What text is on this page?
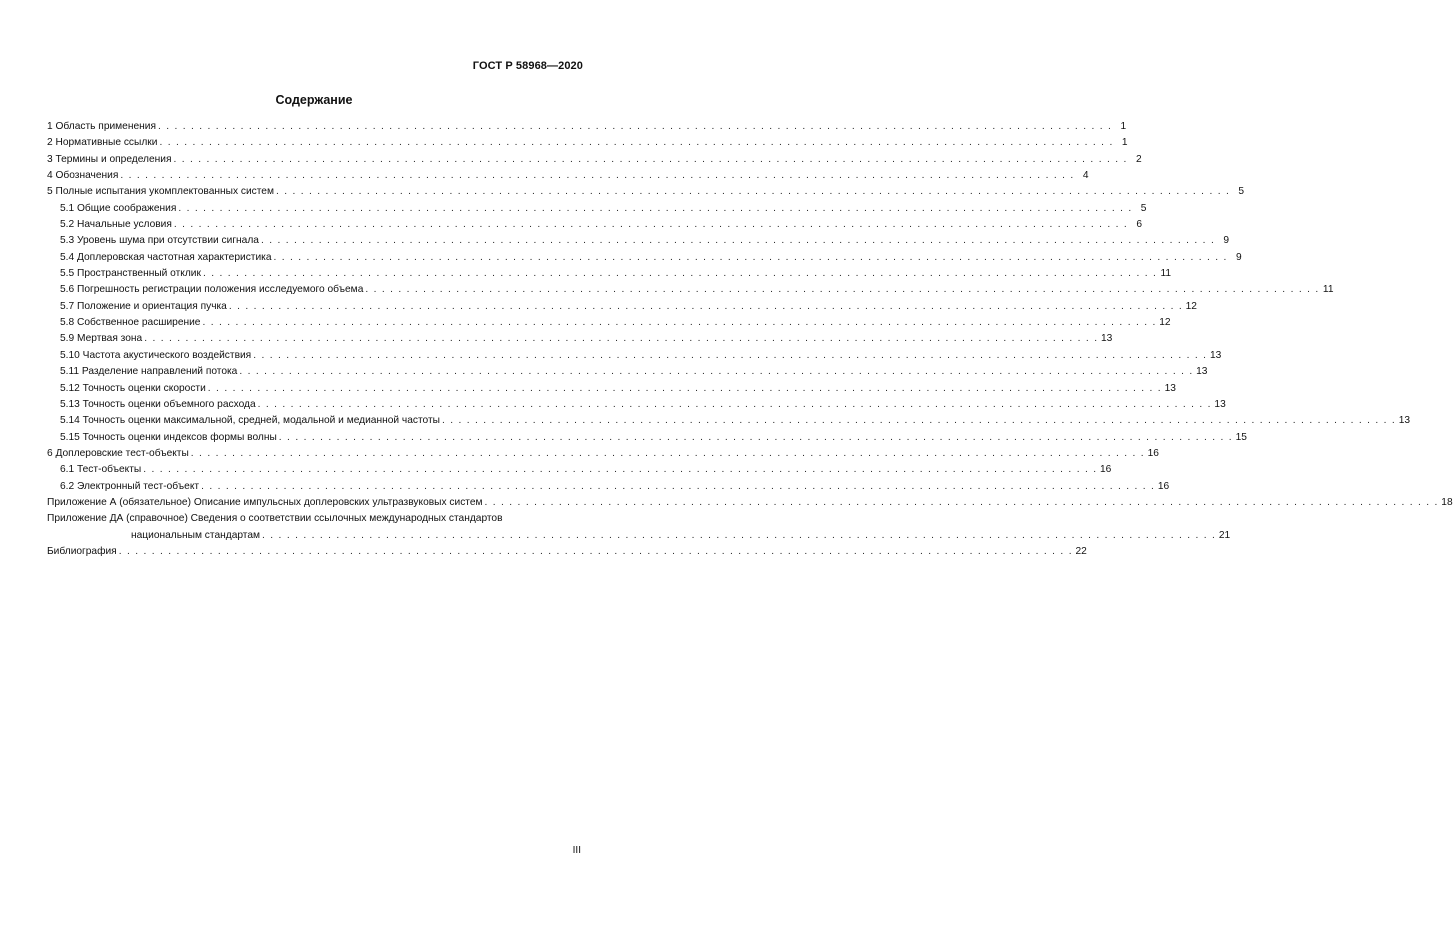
ГОСТ Р 58968—2020
Содержание
1 Область применения . . . . . . . . . . . . . . . . . . . . . . . . . . . . . . . . . . . . . . . . . . . . . . . . . . . . . . . . . . . . . . . . . . . . . . . . . . . . . . . . . . . . . . . . . . . . . . . . . . . . . . . . . . . . . . . . . . . . 1
2 Нормативные ссылки . . . . . . . . . . . . . . . . . . . . . . . . . . . . . . . . . . . . . . . . . . . . . . . . . . . . . . . . . . . . . . . . . . . . . . . . . . . . . . . . . . . . . . . . . . . . . . . . . . . . . . . . . . . . . . . . . . . . 1
3 Термины и определения . . . . . . . . . . . . . . . . . . . . . . . . . . . . . . . . . . . . . . . . . . . . . . . . . . . . . . . . . . . . . . . . . . . . . . . . . . . . . . . . . . . . . . . . . . . . . . . . . . . . . . . . . . . . . . . . . . . . 2
4 Обозначения . . . . . . . . . . . . . . . . . . . . . . . . . . . . . . . . . . . . . . . . . . . . . . . . . . . . . . . . . . . . . . . . . . . . . . . . . . . . . . . . . . . . . . . . . . . . . . . . . . . . . . . . . . . . . . . . . . . . 4
5 Полные испытания укомплектованных систем . . . . . . . . . . . . . . . . . . . . . . . . . . . . . . . . . . . . . . . . . . . . . . . . . . . . . . . . . . . . . . . . . . . . . . . . . . . . . . . . . . . . . . . . . . . . . . . . . . . . . . . . . . . . . . . . . . . . 5
5.1 Общие соображения . . . . . . . . . . . . . . . . . . . . . . . . . . . . . . . . . . . . . . . . . . . . . . . . . . . . . . . . . . . . . . . . . . . . . . . . . . . . . . . . . . . . . . . . . . . . . . . . . . . . . . . . . . . . . . . . . . . . 5
5.2 Начальные условия . . . . . . . . . . . . . . . . . . . . . . . . . . . . . . . . . . . . . . . . . . . . . . . . . . . . . . . . . . . . . . . . . . . . . . . . . . . . . . . . . . . . . . . . . . . . . . . . . . . . . . . . . . . . . . . . . . . . 6
5.3 Уровень шума при отсутствии сигнала . . . . . . . . . . . . . . . . . . . . . . . . . . . . . . . . . . . . . . . . . . . . . . . . . . . . . . . . . . . . . . . . . . . . . . . . . . . . . . . . . . . . . . . . . . . . . . . . . . . . . . . . . . . . . . . . . . . . 9
5.4 Доплеровская частотная характеристика . . . . . . . . . . . . . . . . . . . . . . . . . . . . . . . . . . . . . . . . . . . . . . . . . . . . . . . . . . . . . . . . . . . . . . . . . . . . . . . . . . . . . . . . . . . . . . . . . . . . . . . . . . . . . . . . . . . . 9
5.5 Пространственный отклик . . . . . . . . . . . . . . . . . . . . . . . . . . . . . . . . . . . . . . . . . . . . . . . . . . . . . . . . . . . . . . . . . . . . . . . . . . . . . . . . . . . . . . . . . . . . . . . . . . . . . . . . . . . . . . . . . . . . 11
5.6 Погрешность регистрации положения исследуемого объема . . . . . . . . . . . . . . . . . . . . . . . . . . . . . . . . . . . . . . . . . . . . . . . . . . . . . . . . . . . . . . . . . . . . . . . . . . . . . . . . . . . . . . . . . . . . . . . . . . . . . . . . . . . . . . . . . . . . 11
5.7 Положение и ориентация пучка . . . . . . . . . . . . . . . . . . . . . . . . . . . . . . . . . . . . . . . . . . . . . . . . . . . . . . . . . . . . . . . . . . . . . . . . . . . . . . . . . . . . . . . . . . . . . . . . . . . . . . . . . . . . . . . . . . . . 12
5.8 Собственное расширение . . . . . . . . . . . . . . . . . . . . . . . . . . . . . . . . . . . . . . . . . . . . . . . . . . . . . . . . . . . . . . . . . . . . . . . . . . . . . . . . . . . . . . . . . . . . . . . . . . . . . . . . . . . . . . . . . . . . 12
5.9 Мертвая зона . . . . . . . . . . . . . . . . . . . . . . . . . . . . . . . . . . . . . . . . . . . . . . . . . . . . . . . . . . . . . . . . . . . . . . . . . . . . . . . . . . . . . . . . . . . . . . . . . . . . . . . . . . . . . . . . . . . . 13
5.10 Частота акустического воздействия . . . . . . . . . . . . . . . . . . . . . . . . . . . . . . . . . . . . . . . . . . . . . . . . . . . . . . . . . . . . . . . . . . . . . . . . . . . . . . . . . . . . . . . . . . . . . . . . . . . . . . . . . . . . . . . . . . . . 13
5.11 Разделение направлений потока . . . . . . . . . . . . . . . . . . . . . . . . . . . . . . . . . . . . . . . . . . . . . . . . . . . . . . . . . . . . . . . . . . . . . . . . . . . . . . . . . . . . . . . . . . . . . . . . . . . . . . . . . . . . . . . . . . . . 13
5.12 Точность оценки скорости . . . . . . . . . . . . . . . . . . . . . . . . . . . . . . . . . . . . . . . . . . . . . . . . . . . . . . . . . . . . . . . . . . . . . . . . . . . . . . . . . . . . . . . . . . . . . . . . . . . . . . . . . . . . . . . . . . . . 13
5.13 Точность оценки объемного расхода . . . . . . . . . . . . . . . . . . . . . . . . . . . . . . . . . . . . . . . . . . . . . . . . . . . . . . . . . . . . . . . . . . . . . . . . . . . . . . . . . . . . . . . . . . . . . . . . . . . . . . . . . . . . . . . . . . . . 13
5.14 Точность оценки максимальной, средней, модальной и медианной частоты . . . . . . . . . . . . . . . . . . . . . . . . . . . . . . . . . . . . . . . . . . . . . . . . . . . . . . . . . . . . . . . . . . . . . . . . . . . . . . . . . . . . . . . . . . . . . . . . . . . . . . . . . . . . . . . . . . . . 13
5.15 Точность оценки индексов формы волны . . . . . . . . . . . . . . . . . . . . . . . . . . . . . . . . . . . . . . . . . . . . . . . . . . . . . . . . . . . . . . . . . . . . . . . . . . . . . . . . . . . . . . . . . . . . . . . . . . . . . . . . . . . . . . . . . . . . 15
6 Доплеровские тест-объекты . . . . . . . . . . . . . . . . . . . . . . . . . . . . . . . . . . . . . . . . . . . . . . . . . . . . . . . . . . . . . . . . . . . . . . . . . . . . . . . . . . . . . . . . . . . . . . . . . . . . . . . . . . . . . . . . . . . . 16
6.1 Тест-объекты . . . . . . . . . . . . . . . . . . . . . . . . . . . . . . . . . . . . . . . . . . . . . . . . . . . . . . . . . . . . . . . . . . . . . . . . . . . . . . . . . . . . . . . . . . . . . . . . . . . . . . . . . . . . . . . . . . . . 16
6.2 Электронный тест-объект . . . . . . . . . . . . . . . . . . . . . . . . . . . . . . . . . . . . . . . . . . . . . . . . . . . . . . . . . . . . . . . . . . . . . . . . . . . . . . . . . . . . . . . . . . . . . . . . . . . . . . . . . . . . . . . . . . . . 16
Приложение А (обязательное) Описание импульсных доплеровских ультразвуковых систем . . . . . . . . . . . . . . . . . . . . . . . . . . . . . . . . . . . . . . . . . . . . . . . . . . . . . . . . . . . . . . . . . . . . . . . . . . . . . . . . . . . . . . . . . . . . . . . . . . . . . . . . . . . . . . . . . . . . 18
Приложение ДА (справочное) Сведения о соответствии ссылочных международных стандартов
национальным стандартам . . . . . . . . . . . . . . . . . . . . . . . . . . . . . . . . . . . . . . . . . . . . . . . . . . . . . . . . . . . . . . . . . . . . . . . . . . . . . . . . . . . . . . . . . . . . . . . . . . . . . . . . . . . . . . . . . . . . 21
Библиография . . . . . . . . . . . . . . . . . . . . . . . . . . . . . . . . . . . . . . . . . . . . . . . . . . . . . . . . . . . . . . . . . . . . . . . . . . . . . . . . . . . . . . . . . . . . . . . . . . . . . . . . . . . . . . . . . . . . 22
III
